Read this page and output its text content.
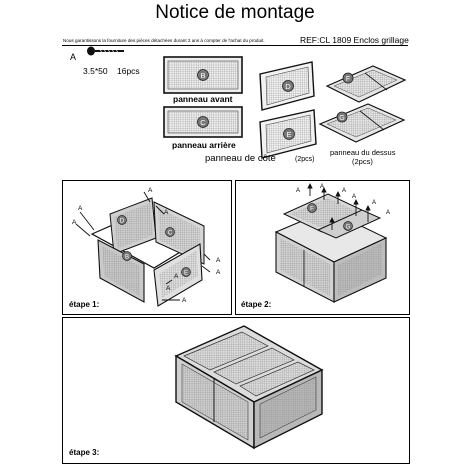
Notice de montage
Nous garantissons la fourniture des pièces détachées durant 2 ans à compter de l'achat du produit.	REF:CL 1809 Enclos grillage
A
3.5*50 16pcs	B
panneau avant
C
panneau arrière
D
E
panneau de côté	(2pcs)
F
G
panneau du dessus
(2pcs)
D
C
B
E
A
A
A
A
A
A
A
A
A
étape 1:
F
G
A
A
A
A
A
A
étape 2:
étape 3:
